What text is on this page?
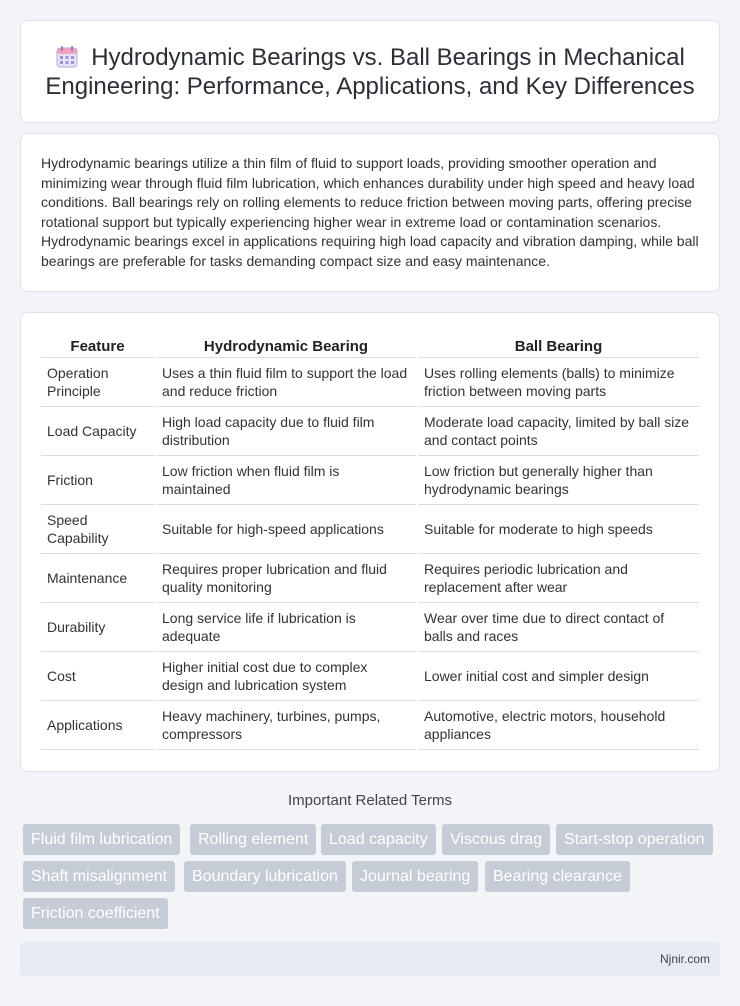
Hydrodynamic Bearings vs. Ball Bearings in Mechanical Engineering: Performance, Applications, and Key Differences

Hydrodynamic bearings utilize a thin film of fluid to support loads, providing smoother operation and minimizing wear through fluid film lubrication, which enhances durability under high speed and heavy load conditions. Ball bearings rely on rolling elements to reduce friction between moving parts, offering precise rotational support but typically experiencing higher wear in extreme load or contamination scenarios. Hydrodynamic bearings excel in applications requiring high load capacity and vibration damping, while ball bearings are preferable for tasks demanding compact size and easy maintenance.

Feature	Hydrodynamic Bearing	Ball Bearing
Operation Principle	Uses a thin fluid film to support the load and reduce friction	Uses rolling elements (balls) to minimize friction between moving parts
Load Capacity	High load capacity due to fluid film distribution	Moderate load capacity, limited by ball size and contact points
Friction	Low friction when fluid film is maintained	Low friction but generally higher than hydrodynamic bearings
Speed Capability	Suitable for high-speed applications	Suitable for moderate to high speeds
Maintenance	Requires proper lubrication and fluid quality monitoring	Requires periodic lubrication and replacement after wear
Durability	Long service life if lubrication is adequate	Wear over time due to direct contact of balls and races
Cost	Higher initial cost due to complex design and lubrication system	Lower initial cost and simpler design
Applications	Heavy machinery, turbines, pumps, compressors	Automotive, electric motors, household appliances
Important Related Terms
Fluid film lubrication	Rolling element	Load capacity	Viscous drag	Start-stop operation
Shaft misalignment	Boundary lubrication	Journal bearing	Bearing clearance
Friction coefficient
Njnir.com
